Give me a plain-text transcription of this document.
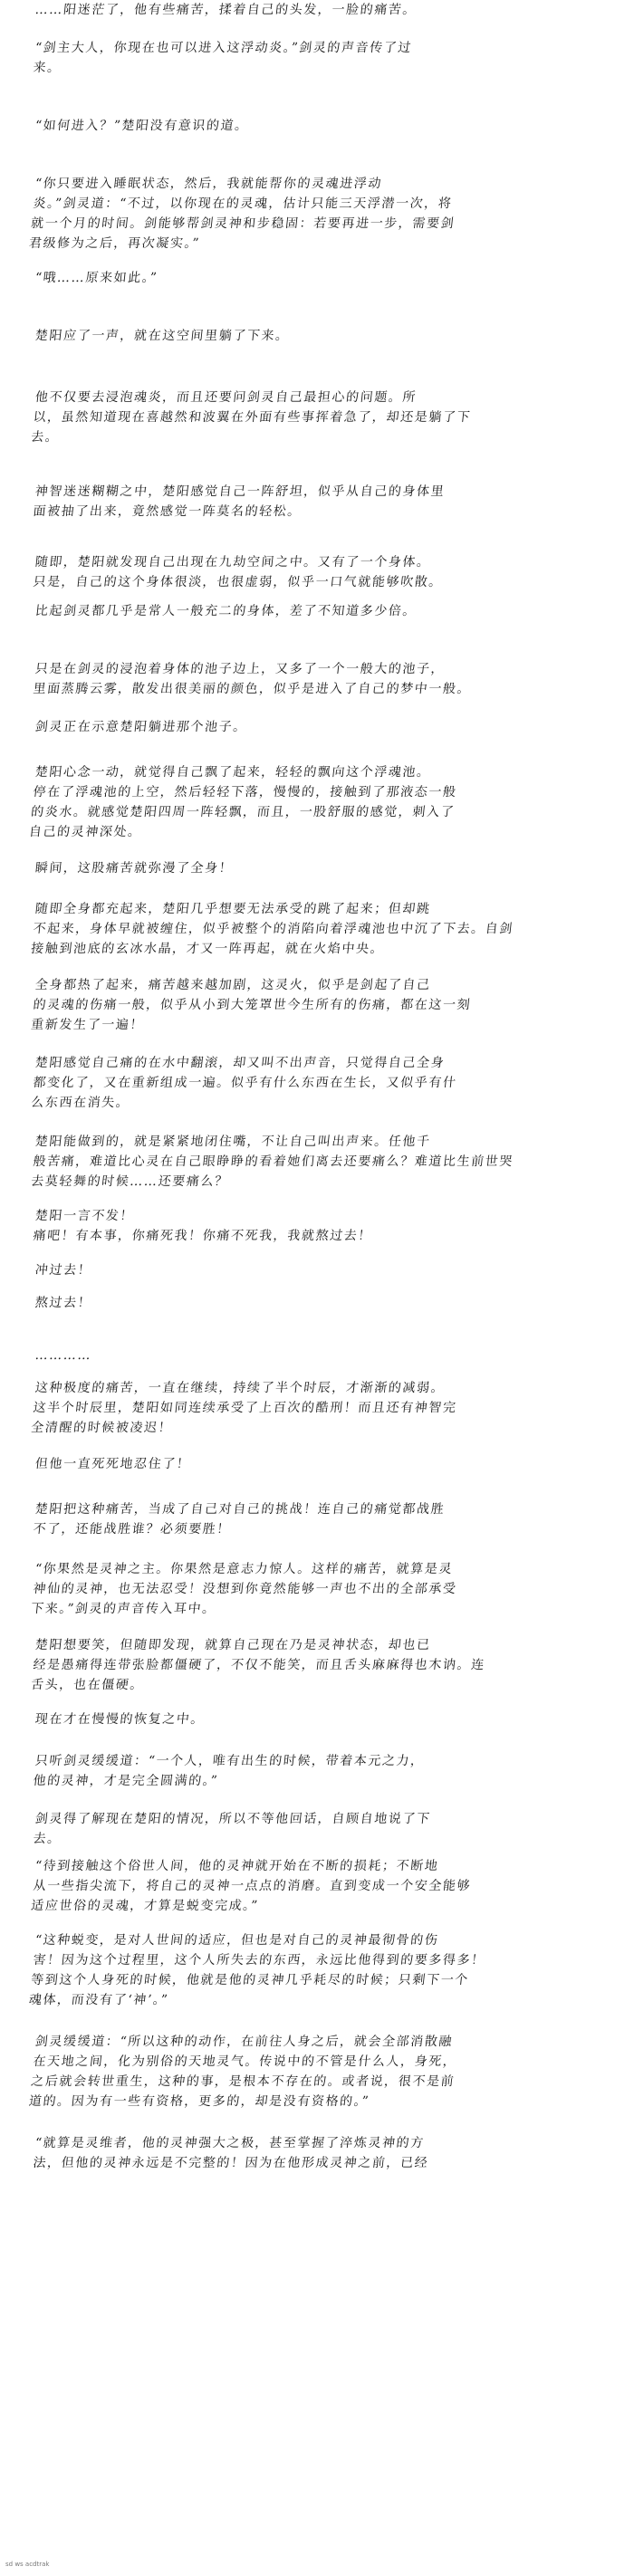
……阳迷茫了，他有些痛苦，揉着自己的头发，一脸的痛苦。
“剑主大人，你现在也可以进入这浮动炎。”剑灵的声音传了过
来。
“如何进入？”楚阳没有意识的道。
“你只要进入睡眠状态，然后，我就能帮你的灵魂进浮动
炎。”剑灵道：“不过，以你现在的灵魂，估计只能三天浮潜一次，将
就一个月的时间。剑能够帮剑灵神和步稳固：若要再进一步，需要剑
君级修为之后，再次凝实。”
“哦……原来如此。”
楚阳应了一声，就在这空间里躺了下来。
他不仅要去浸泡魂炎，而且还要问剑灵自己最担心的问题。所
以，虽然知道现在喜越然和波翼在外面有些事挥着急了，却还是躺了下
去。
神智迷迷糊糊之中，楚阳感觉自己一阵舒坦，似乎从自己的身体里
面被抽了出来，竟然感觉一阵莫名的轻松。
随即，楚阳就发现自己出现在九劫空间之中。又有了一个身体。
只是，自己的这个身体很淡，也很虚弱，似乎一口气就能够吹散。
比起剑灵都几乎是常人一般充二的身体，差了不知道多少倍。
只是在剑灵的浸泡着身体的池子边上，又多了一个一般大的池子，
里面蒸腾云雾，散发出很美丽的颜色，似乎是进入了自己的梦中一般。
剑灵正在示意楚阳躺进那个池子。
楚阳心念一动，就觉得自己飘了起来，轻轻的飘向这个浮魂池。
停在了浮魂池的上空，然后轻轻下落，慢慢的，接触到了那液态一般
的炎水。就感觉楚阳四周一阵轻飘，而且，一股舒服的感觉，刺入了
自己的灵神深处。
瞬间，这股痛苦就弥漫了全身！
随即全身都充起来，楚阳几乎想要无法承受的跳了起来；但却跳
不起来，身体早就被缠住，似乎被整个的消陷向着浮魂池也中沉了下去。自剑
接触到池底的玄冰水晶，才又一阵再起，就在火焰中央。
全身都热了起来，痛苦越来越加剧，这灵火，似乎是剑起了自己
的灵魂的伤痛一般，似乎从小到大笼罩世今生所有的伤痛，都在这一刻
重新发生了一遍！
楚阳感觉自己痛的在水中翻滚，却又叫不出声音，只觉得自己全身
都变化了，又在重新组成一遍。似乎有什么东西在生长，又似乎有什
么东西在消失。
楚阳能做到的，就是紧紧地闭住嘴，不让自己叫出声来。任他千
般苦痛，难道比心灵在自己眼睁睁的看着她们离去还要痛么？难道比生前世哭
去莫轻舞的时候……还要痛么？
楚阳一言不发！
痛吧！有本事，你痛死我！你痛不死我，我就熬过去！
冲过去！
熬过去！
…………
这种极度的痛苦，一直在继续，持续了半个时辰，才渐渐的减弱。
这半个时辰里，楚阳如同连续承受了上百次的酷刑！而且还有神智完
全清醒的时候被凌迟！
但他一直死死地忍住了！
楚阳把这种痛苦，当成了自己对自己的挑战！连自己的痛觉都战胜
不了，还能战胜谁？必须要胜！
“你果然是灵神之主。你果然是意志力惊人。这样的痛苦，就算是灵
神仙的灵神，也无法忍受！没想到你竟然能够一声也不出的全部承受
下来。”剑灵的声音传入耳中。
楚阳想要笑，但随即发现，就算自己现在乃是灵神状态，却也已
经是愚痛得连带张脸都僵硬了，不仅不能笑，而且舌头麻麻得也木讷。连
舌头，也在僵硬。
现在才在慢慢的恢复之中。
只听剑灵缓缓道：“一个人，唯有出生的时候，带着本元之力，
他的灵神，才是完全圆满的。”
剑灵得了解现在楚阳的情况，所以不等他回话，自顾自地说了下
去。
“待到接触这个俗世人间，他的灵神就开始在不断的损耗；不断地
从一些指尖流下，将自己的灵神一点点的消磨。直到变成一个安全能够
适应世俗的灵魂，才算是蜕变完成。”
“这种蜕变，是对人世间的适应，但也是对自己的灵神最彻骨的伤
害！因为这个过程里，这个人所失去的东西，永远比他得到的要多得多！
等到这个人身死的时候，他就是他的灵神几乎耗尽的时候；只剩下一个
魂体，而没有了‘神’。”
剑灵缓缓道：“所以这种的动作，在前往人身之后，就会全部消散融
在天地之间，化为别俗的天地灵气。传说中的不管是什么人，身死，
之后就会转世重生，这种的事，是根本不存在的。或者说，很不是前
道的。因为有一些有资格，更多的，却是没有资格的。”
“就算是灵维者，他的灵神强大之极，甚至掌握了淬炼灵神的方
法，但他的灵神永远是不完整的！因为在他形成灵神之前，已经
sd ws acdtrak
